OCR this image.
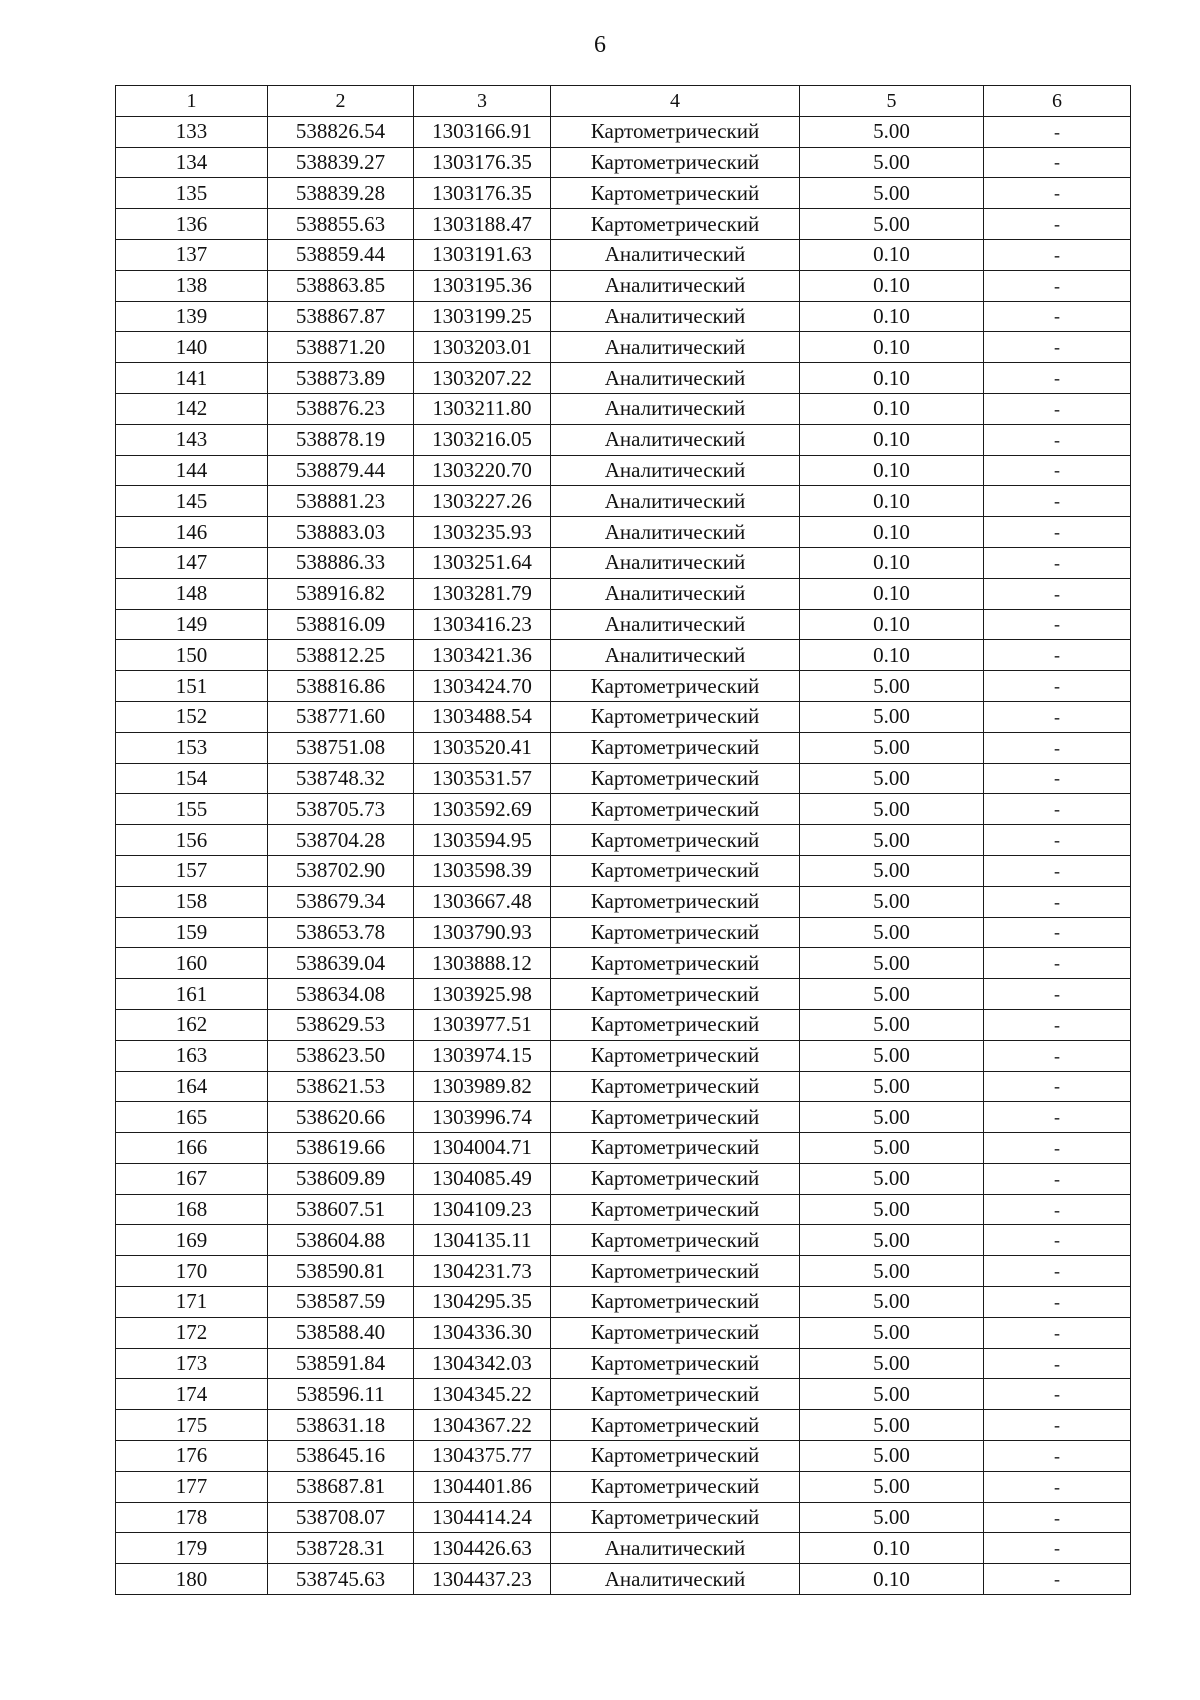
6
1	2	3	4	5	6
133	538826.54	1303166.91	Картометрический	5.00	-
134	538839.27	1303176.35	Картометрический	5.00	-
135	538839.28	1303176.35	Картометрический	5.00	-
136	538855.63	1303188.47	Картометрический	5.00	-
137	538859.44	1303191.63	Аналитический	0.10	-
138	538863.85	1303195.36	Аналитический	0.10	-
139	538867.87	1303199.25	Аналитический	0.10	-
140	538871.20	1303203.01	Аналитический	0.10	-
141	538873.89	1303207.22	Аналитический	0.10	-
142	538876.23	1303211.80	Аналитический	0.10	-
143	538878.19	1303216.05	Аналитический	0.10	-
144	538879.44	1303220.70	Аналитический	0.10	-
145	538881.23	1303227.26	Аналитический	0.10	-
146	538883.03	1303235.93	Аналитический	0.10	-
147	538886.33	1303251.64	Аналитический	0.10	-
148	538916.82	1303281.79	Аналитический	0.10	-
149	538816.09	1303416.23	Аналитический	0.10	-
150	538812.25	1303421.36	Аналитический	0.10	-
151	538816.86	1303424.70	Картометрический	5.00	-
152	538771.60	1303488.54	Картометрический	5.00	-
153	538751.08	1303520.41	Картометрический	5.00	-
154	538748.32	1303531.57	Картометрический	5.00	-
155	538705.73	1303592.69	Картометрический	5.00	-
156	538704.28	1303594.95	Картометрический	5.00	-
157	538702.90	1303598.39	Картометрический	5.00	-
158	538679.34	1303667.48	Картометрический	5.00	-
159	538653.78	1303790.93	Картометрический	5.00	-
160	538639.04	1303888.12	Картометрический	5.00	-
161	538634.08	1303925.98	Картометрический	5.00	-
162	538629.53	1303977.51	Картометрический	5.00	-
163	538623.50	1303974.15	Картометрический	5.00	-
164	538621.53	1303989.82	Картометрический	5.00	-
165	538620.66	1303996.74	Картометрический	5.00	-
166	538619.66	1304004.71	Картометрический	5.00	-
167	538609.89	1304085.49	Картометрический	5.00	-
168	538607.51	1304109.23	Картометрический	5.00	-
169	538604.88	1304135.11	Картометрический	5.00	-
170	538590.81	1304231.73	Картометрический	5.00	-
171	538587.59	1304295.35	Картометрический	5.00	-
172	538588.40	1304336.30	Картометрический	5.00	-
173	538591.84	1304342.03	Картометрический	5.00	-
174	538596.11	1304345.22	Картометрический	5.00	-
175	538631.18	1304367.22	Картометрический	5.00	-
176	538645.16	1304375.77	Картометрический	5.00	-
177	538687.81	1304401.86	Картометрический	5.00	-
178	538708.07	1304414.24	Картометрический	5.00	-
179	538728.31	1304426.63	Аналитический	0.10	-
180	538745.63	1304437.23	Аналитический	0.10	-
